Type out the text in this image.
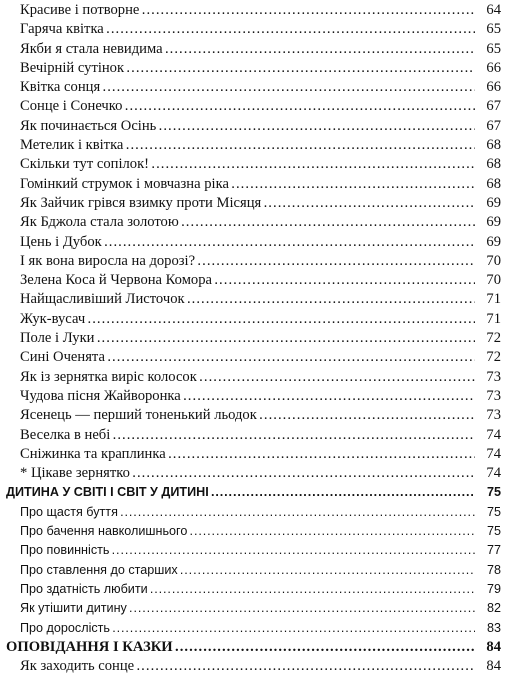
Красиве і потворне . . .	64
Гаряча квітка . . .	65
Якби я стала невидима . . .	65
Вечірній сутінок . . .	66
Квітка сонця . . .	66
Сонце і Сонечко . . .	67
Як починається Осінь . . .	67
Метелик і квітка . . .	68
Скільки тут сопілок! . . .	68
Гомінкий струмок і мовчазна ріка . . .	68
Як Зайчик грівся взимку проти Місяця . . .	69
Як Бджола стала золотою . . .	69
Цень і Дубок . . .	69
І як вона виросла на дорозі? . . .	70
Зелена Коса й Червона Комора . . .	70
Найщасливіший Листочок . . .	71
Жук-вусач . . .	71
Поле і Луки . . .	72
Сині Оченята . . .	72
Як із зернятка виріс колосок . . .	73
Чудова пісня Жайворонка . . .	73
Ясенець — перший тоненький льодок . . .	73
Веселка в небі . . .	74
Сніжинка та краплинка . . .	74
* Цікаве зернятко . . .	74
ДИТИНА У СВІТІ І СВІТ У ДИТИНІ . . .	75
Про щастя буття . . .	75
Про бачення навколишнього . . .	75
Про повинність . . .	77
Про ставлення до старших . . .	78
Про здатність любити . . .	79
Як утішити дитину . . .	82
Про дорослість . . .	83
ОПОВІДАННЯ І КАЗКИ . . .	84
Як заходить сонце . . .	84
